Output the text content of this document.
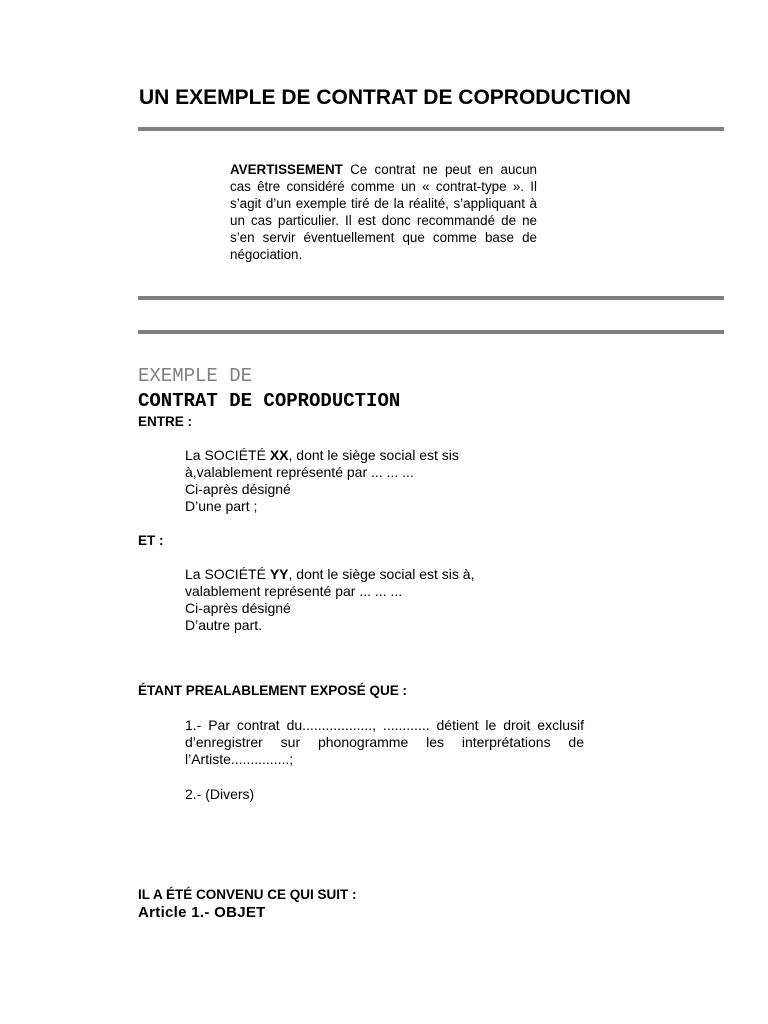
UN EXEMPLE DE CONTRAT DE COPRODUCTION
AVERTISSEMENT Ce contrat ne peut en aucun cas être considéré comme un « contrat-type ». Il s’agit d’un exemple tiré de la réalité, s’appliquant à un cas particulier. Il est donc recommandé de ne s’en servir éventuellement que comme base de négociation.
EXEMPLE DE
CONTRAT DE COPRODUCTION
ENTRE :
La SOCIÉTÉ XX, dont le siège social est sis
à,valablement représenté par ... ... ...
Ci-après désigné
D’une part ;
ET :
La SOCIÉTÉ YY, dont le siège social est sis à,
valablement représenté par ... ... ...
Ci-après désigné
D’autre part.
ÉTANT PREALABLEMENT EXPOSÉ QUE :
1.- Par contrat du.................., ............ détient le droit exclusif d’enregistrer sur phonogramme les interprétations de l’Artiste...............;
2.- (Divers)
IL A ÉTÉ CONVENU CE QUI SUIT :
Article 1.- OBJET
